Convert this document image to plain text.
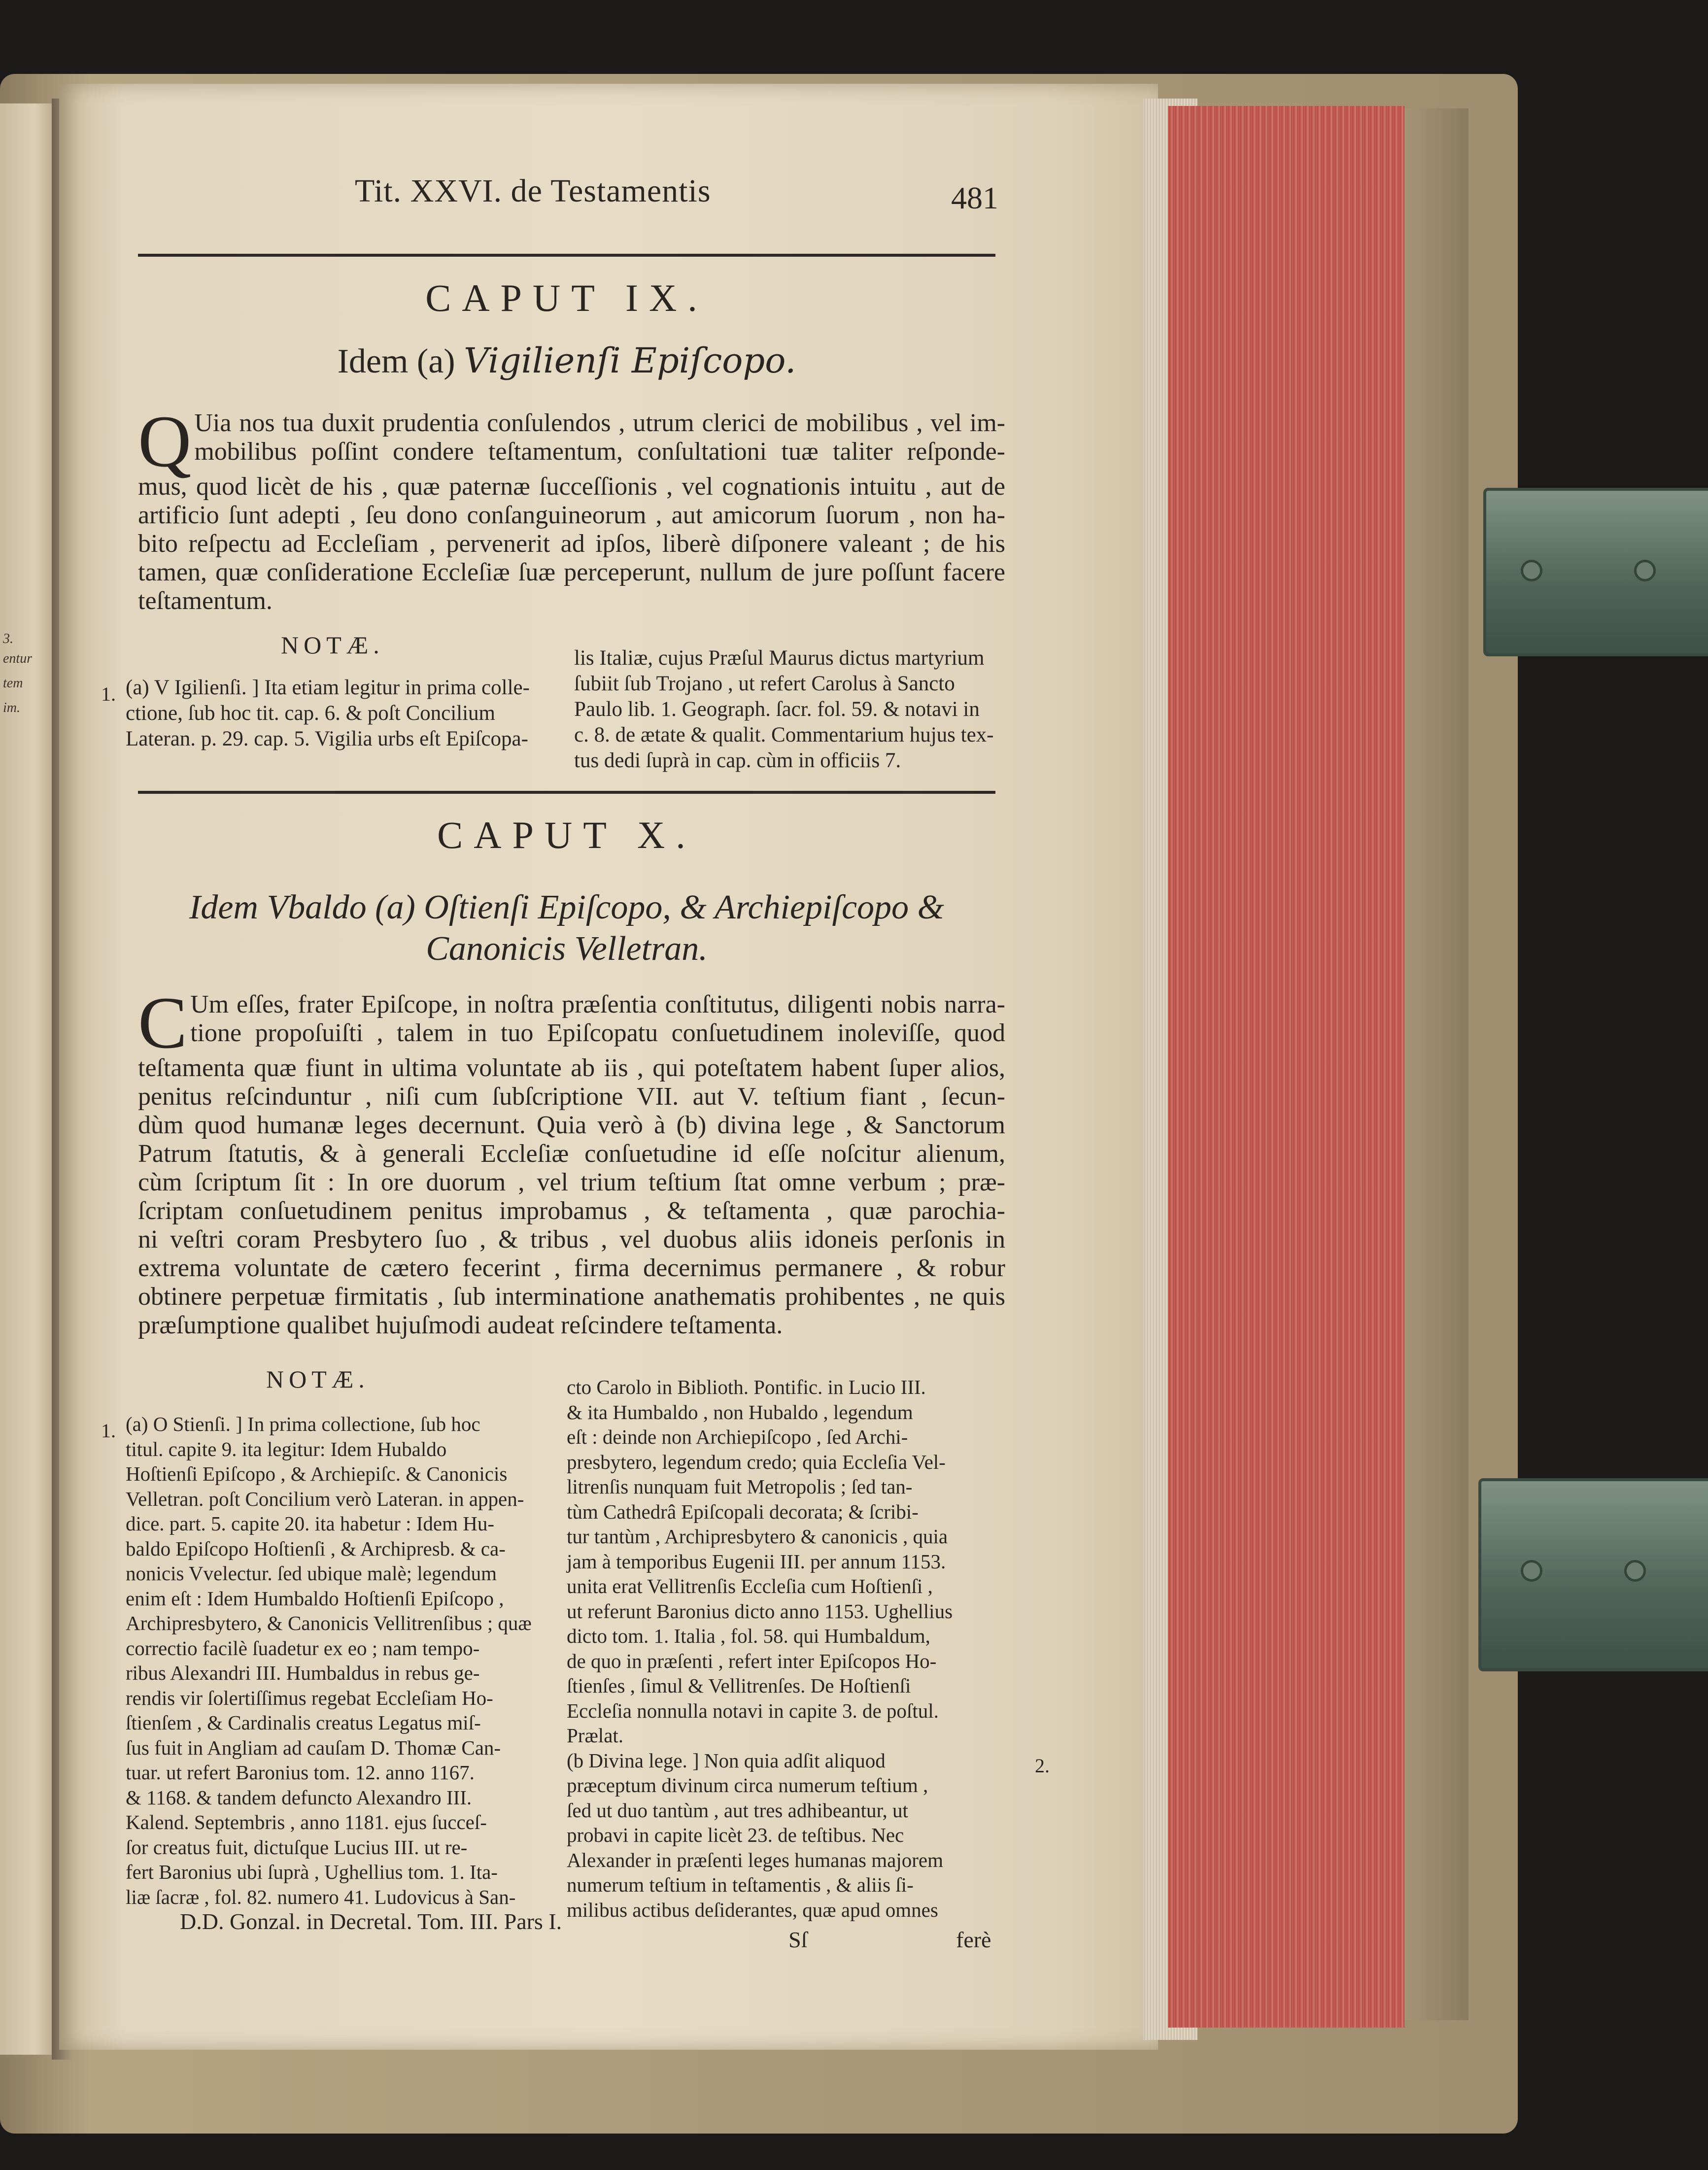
3.
entur
tem
im.
Tit. XXVI. de Testamentis	481
CAPUT IX.
Idem (a) Vigilienſi Epiſcopo.
Q Uia nos tua duxit prudentia conſulendos , utrum clerici de mobilibus , vel im-
mobilibus poſſint condere teſtamentum, conſultationi tuæ taliter reſponde-
mus, quod licèt de his , quæ paternæ ſucceſſionis , vel cognationis intuitu , aut de
artificio ſunt adepti , ſeu dono conſanguineorum , aut amicorum ſuorum , non ha-
bito reſpectu ad Eccleſiam , pervenerit ad ipſos, liberè diſponere valeant ; de his
tamen, quæ conſideratione Eccleſiæ ſuæ perceperunt, nullum de jure poſſunt facere
teſtamentum.
NOTÆ.
1. (a) V Igilienſi. ] Ita etiam legitur in prima colle-
ctione, ſub hoc tit. cap. 6. & poſt Concilium
Lateran. p. 29. cap. 5. Vigilia urbs eſt Epiſcopa-
lis Italiæ, cujus Præſul Maurus dictus martyrium
ſubiit ſub Trojano , ut refert Carolus à Sancto
Paulo lib. 1. Geograph. ſacr. fol. 59. & notavi in
c. 8. de ætate & qualit. Commentarium hujus tex-
tus dedi ſuprà in cap. cùm in officiis 7.
CAPUT X.
Idem Vbaldo (a) Oſtienſi Epiſcopo, & Archiepiſcopo &
Canonicis Velletran.
C Um eſſes, frater Epiſcope, in noſtra præſentia conſtitutus, diligenti nobis narra-
tione propoſuiſti , talem in tuo Epiſcopatu conſuetudinem inoleviſſe, quod
teſtamenta quæ fiunt in ultima voluntate ab iis , qui poteſtatem habent ſuper alios,
penitus reſcinduntur , niſi cum ſubſcriptione VII. aut V. teſtium fiant , ſecun-
dùm quod humanæ leges decernunt. Quia verò à (b) divina lege , & Sanctorum
Patrum ſtatutis, & à generali Eccleſiæ conſuetudine id eſſe noſcitur alienum,
cùm ſcriptum ſit : In ore duorum , vel trium teſtium ſtat omne verbum ; præ-
ſcriptam conſuetudinem penitus improbamus , & teſtamenta , quæ parochia-
ni veſtri coram Presbytero ſuo , & tribus , vel duobus aliis idoneis perſonis in
extrema voluntate de cætero fecerint , firma decernimus permanere , & robur
obtinere perpetuæ firmitatis , ſub interminatione anathematis prohibentes , ne quis
præſumptione qualibet hujuſmodi audeat reſcindere teſtamenta.
NOTÆ.
1.
2.
(a) O Stienſi. ] In prima collectione, ſub hoc
titul. capite 9. ita legitur: Idem Hubaldo
Hoſtienſi Epiſcopo , & Archiepiſc. & Canonicis
Velletran. poſt Concilium verò Lateran. in appen-
dice. part. 5. capite 20. ita habetur : Idem Hu-
baldo Epiſcopo Hoſtienſi , & Archipresb. & ca-
nonicis Vvelectur. ſed ubique malè; legendum
enim eſt : Idem Humbaldo Hoſtienſi Epiſcopo ,
Archipresbytero, & Canonicis Vellitrenſibus ; quæ
correctio facilè ſuadetur ex eo ; nam tempo-
ribus Alexandri III. Humbaldus in rebus ge-
rendis vir ſolertiſſimus regebat Eccleſiam Ho-
ſtienſem , & Cardinalis creatus Legatus miſ-
ſus fuit in Angliam ad cauſam D. Thomæ Can-
tuar. ut refert Baronius tom. 12. anno 1167.
& 1168. & tandem defuncto Alexandro III.
Kalend. Septembris , anno 1181. ejus ſucceſ-
ſor creatus fuit, dictuſque Lucius III. ut re-
fert Baronius ubi ſuprà , Ughellius tom. 1. Ita-
liæ ſacræ , fol. 82. numero 41. Ludovicus à San-
D.D. Gonzal. in Decretal. Tom. III. Pars I.
cto Carolo in Biblioth. Pontific. in Lucio III.
& ita Humbaldo , non Hubaldo , legendum
eſt : deinde non Archiepiſcopo , ſed Archi-
presbytero, legendum credo; quia Eccleſia Vel-
litrenſis nunquam fuit Metropolis ; ſed tan-
tùm Cathedrâ Epiſcopali decorata; & ſcribi-
tur tantùm , Archipresbytero & canonicis , quia
jam à temporibus Eugenii III. per annum 1153.
unita erat Vellitrenſis Eccleſia cum Hoſtienſi ,
ut referunt Baronius dicto anno 1153. Ughellius
dicto tom. 1. Italia , fol. 58. qui Humbaldum,
de quo in præſenti , refert inter Epiſcopos Ho-
ſtienſes , ſimul & Vellitrenſes. De Hoſtienſi
Eccleſia nonnulla notavi in capite 3. de poſtul.
Prælat.
(b Divina lege. ] Non quia adſit aliquod
præceptum divinum circa numerum teſtium ,
ſed ut duo tantùm , aut tres adhibeantur, ut
probavi in capite licèt 23. de teſtibus. Nec
Alexander in præſenti leges humanas majorem
numerum teſtium in teſtamentis , & aliis ſi-
milibus actibus deſiderantes, quæ apud omnes
Sſ	ferè
